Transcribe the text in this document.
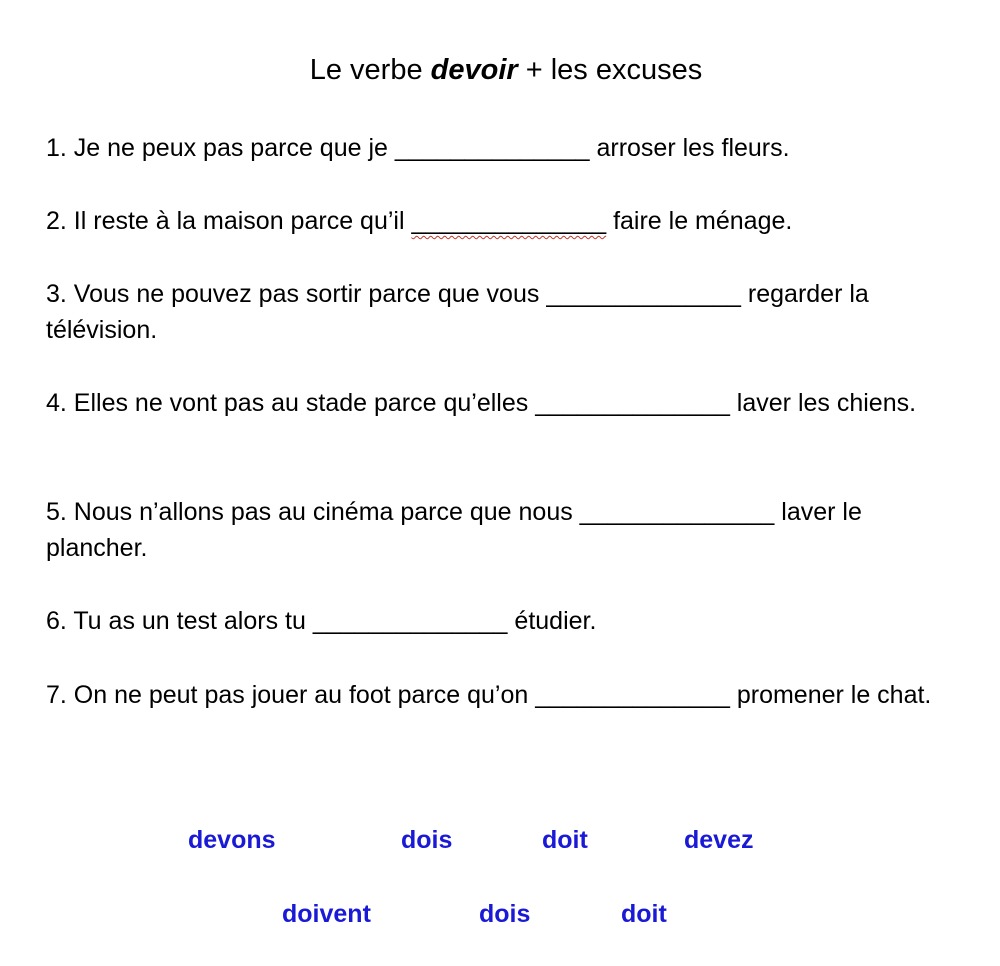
Le verbe devoir + les excuses
1. Je ne peux pas parce que je ______________ arroser les fleurs.
2. Il reste à la maison parce qu’il ______________ faire le ménage.
3. Vous ne pouvez pas sortir parce que vous ______________ regarder la télévision.
4. Elles ne vont pas au stade parce qu’elles ______________ laver les chiens.
5. Nous n’allons pas au cinéma parce que nous ______________ laver le plancher.
6. Tu as un test alors tu ______________ étudier.
7. On ne peut pas jouer au foot parce qu’on ______________ promener le chat.
devons	dois	doit	devez
doivent	dois	doit
